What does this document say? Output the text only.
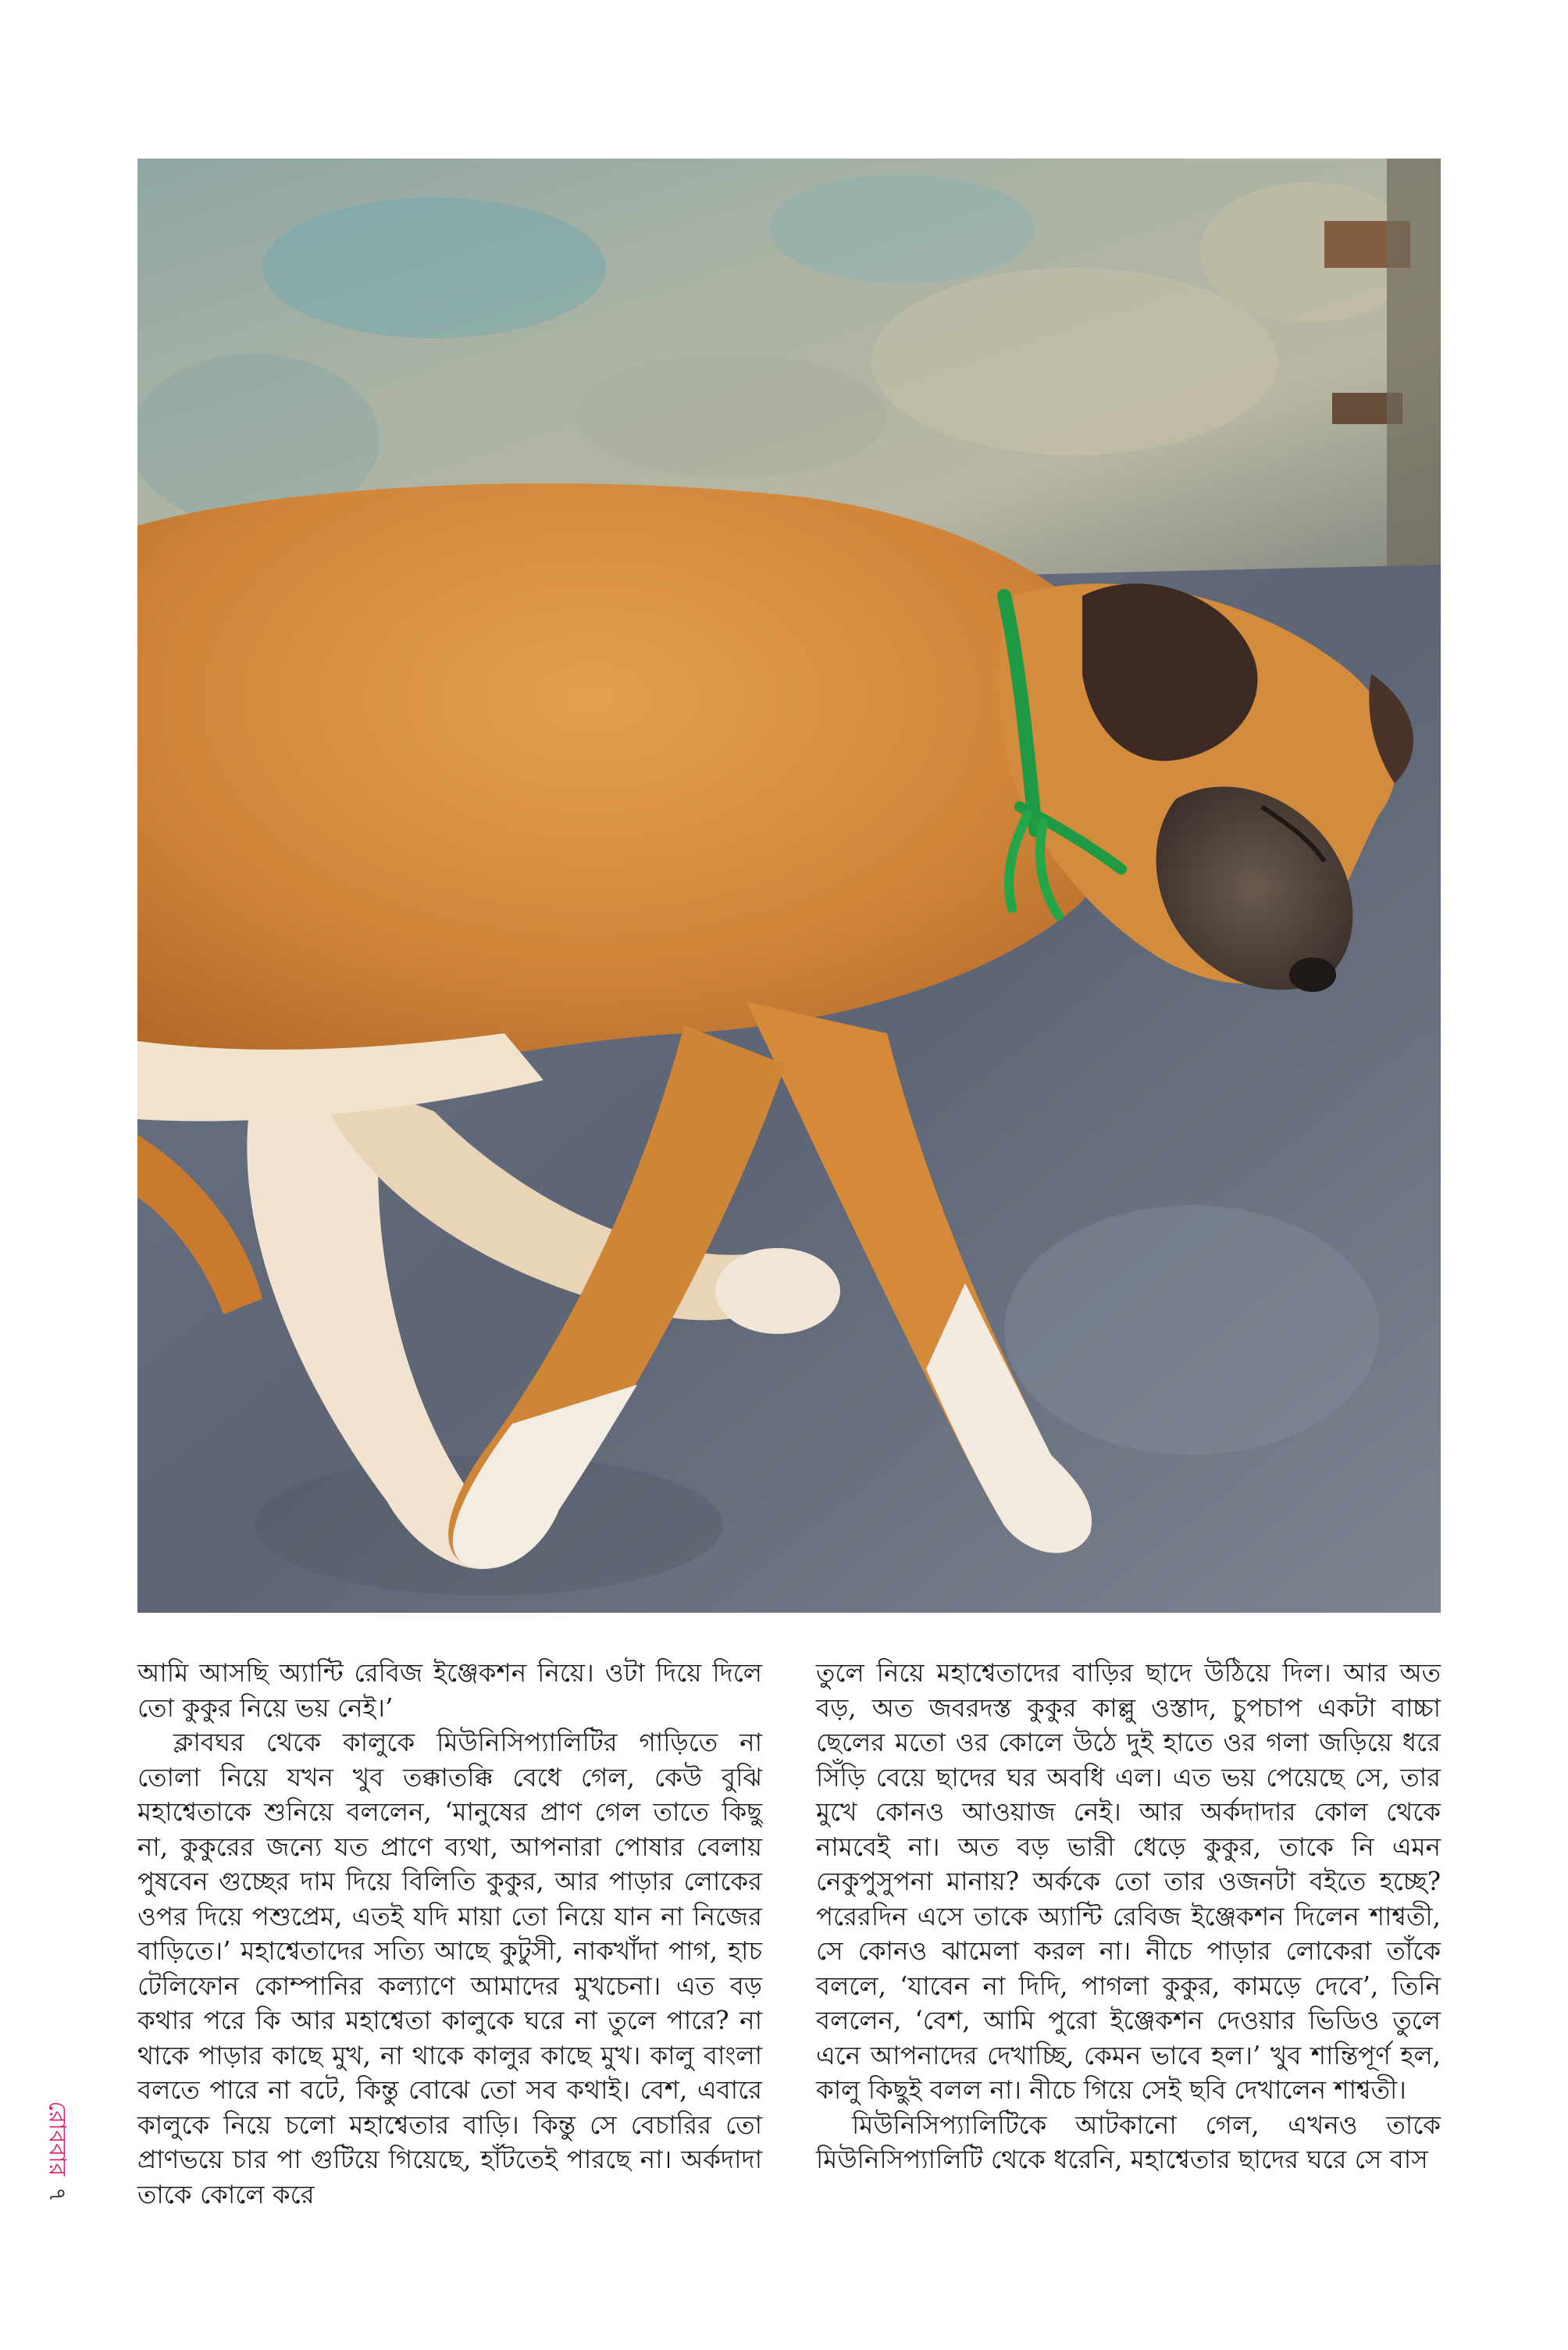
আমি আসছি অ্যান্টি রেবিজ ইঞ্জেকশন নিয়ে। ওটা দিয়ে দিলে তো কুকুর নিয়ে ভয় নেই।’

ক্লাবঘর থেকে কালুকে মিউনিসিপ্যালিটির গাড়িতে না তোলা নিয়ে যখন খুব তক্কাতক্কি বেধে গেল, কেউ বুঝি মহাশ্বেতাকে শুনিয়ে বললেন, ‘মানুষের প্রাণ গেল তাতে কিছু না, কুকুরের জন্যে যত প্রাণে ব্যথা, আপনারা পোষার বেলায় পুষবেন গুচ্ছের দাম দিয়ে বিলিতি কুকুর, আর পাড়ার লোকের ওপর দিয়ে পশুপ্রেম, এতই যদি মায়া তো নিয়ে যান না নিজের বাড়িতে।’ মহাশ্বেতাদের সত্যি আছে কুটুসী, নাকখাঁদা পাগ, হাচ টেলিফোন কোম্পানির কল্যাণে আমাদের মুখচেনা। এত বড় কথার পরে কি আর মহাশ্বেতা কালুকে ঘরে না তুলে পারে? না থাকে পাড়ার কাছে মুখ, না থাকে কালুর কাছে মুখ। কালু বাংলা বলতে পারে না বটে, কিন্তু বোঝে তো সব কথাই। বেশ, এবারে কালুকে নিয়ে চলো মহাশ্বেতার বাড়ি। কিন্তু সে বেচারির তো প্রাণভয়ে চার পা গুটিয়ে গিয়েছে, হাঁটতেই পারছে না। অর্কদাদা তাকে কোলে করে

তুলে নিয়ে মহাশ্বেতাদের বাড়ির ছাদে উঠিয়ে দিল। আর অত বড়, অত জবরদস্ত কুকুর কাল্লু ওস্তাদ, চুপচাপ একটা বাচ্চা ছেলের মতো ওর কোলে উঠে দুই হাতে ওর গলা জড়িয়ে ধরে সিঁড়ি বেয়ে ছাদের ঘর অবধি এল। এত ভয় পেয়েছে সে, তার মুখে কোনও আওয়াজ নেই। আর অর্কদাদার কোল থেকে নামবেই না। অত বড় ভারী ধেড়ে কুকুর, তাকে নি এমন নেকুপুসুপনা মানায়? অর্ককে তো তার ওজনটা বইতে হচ্ছে? পরেরদিন এসে তাকে অ্যান্টি রেবিজ ইঞ্জেকশন দিলেন শাশ্বতী, সে কোনও ঝামেলা করল না। নীচে পাড়ার লোকেরা তাঁকে বললে, ‘যাবেন না দিদি, পাগলা কুকুর, কামড়ে দেবে’, তিনি বললেন, ‘বেশ, আমি পুরো ইঞ্জেকশন দেওয়ার ভিডিও তুলে এনে আপনাদের দেখাচ্ছি, কেমন ভাবে হল।’ খুব শান্তিপূর্ণ হল, কালু কিছুই বলল না। নীচে গিয়ে সেই ছবি দেখালেন শাশ্বতী।

মিউনিসিপ্যালিটিকে আটকানো গেল, এখনও তাকে মিউনিসিপ্যালিটি থেকে ধরেনি, মহাশ্বেতার ছাদের ঘরে সে বাস

রোববার৭
